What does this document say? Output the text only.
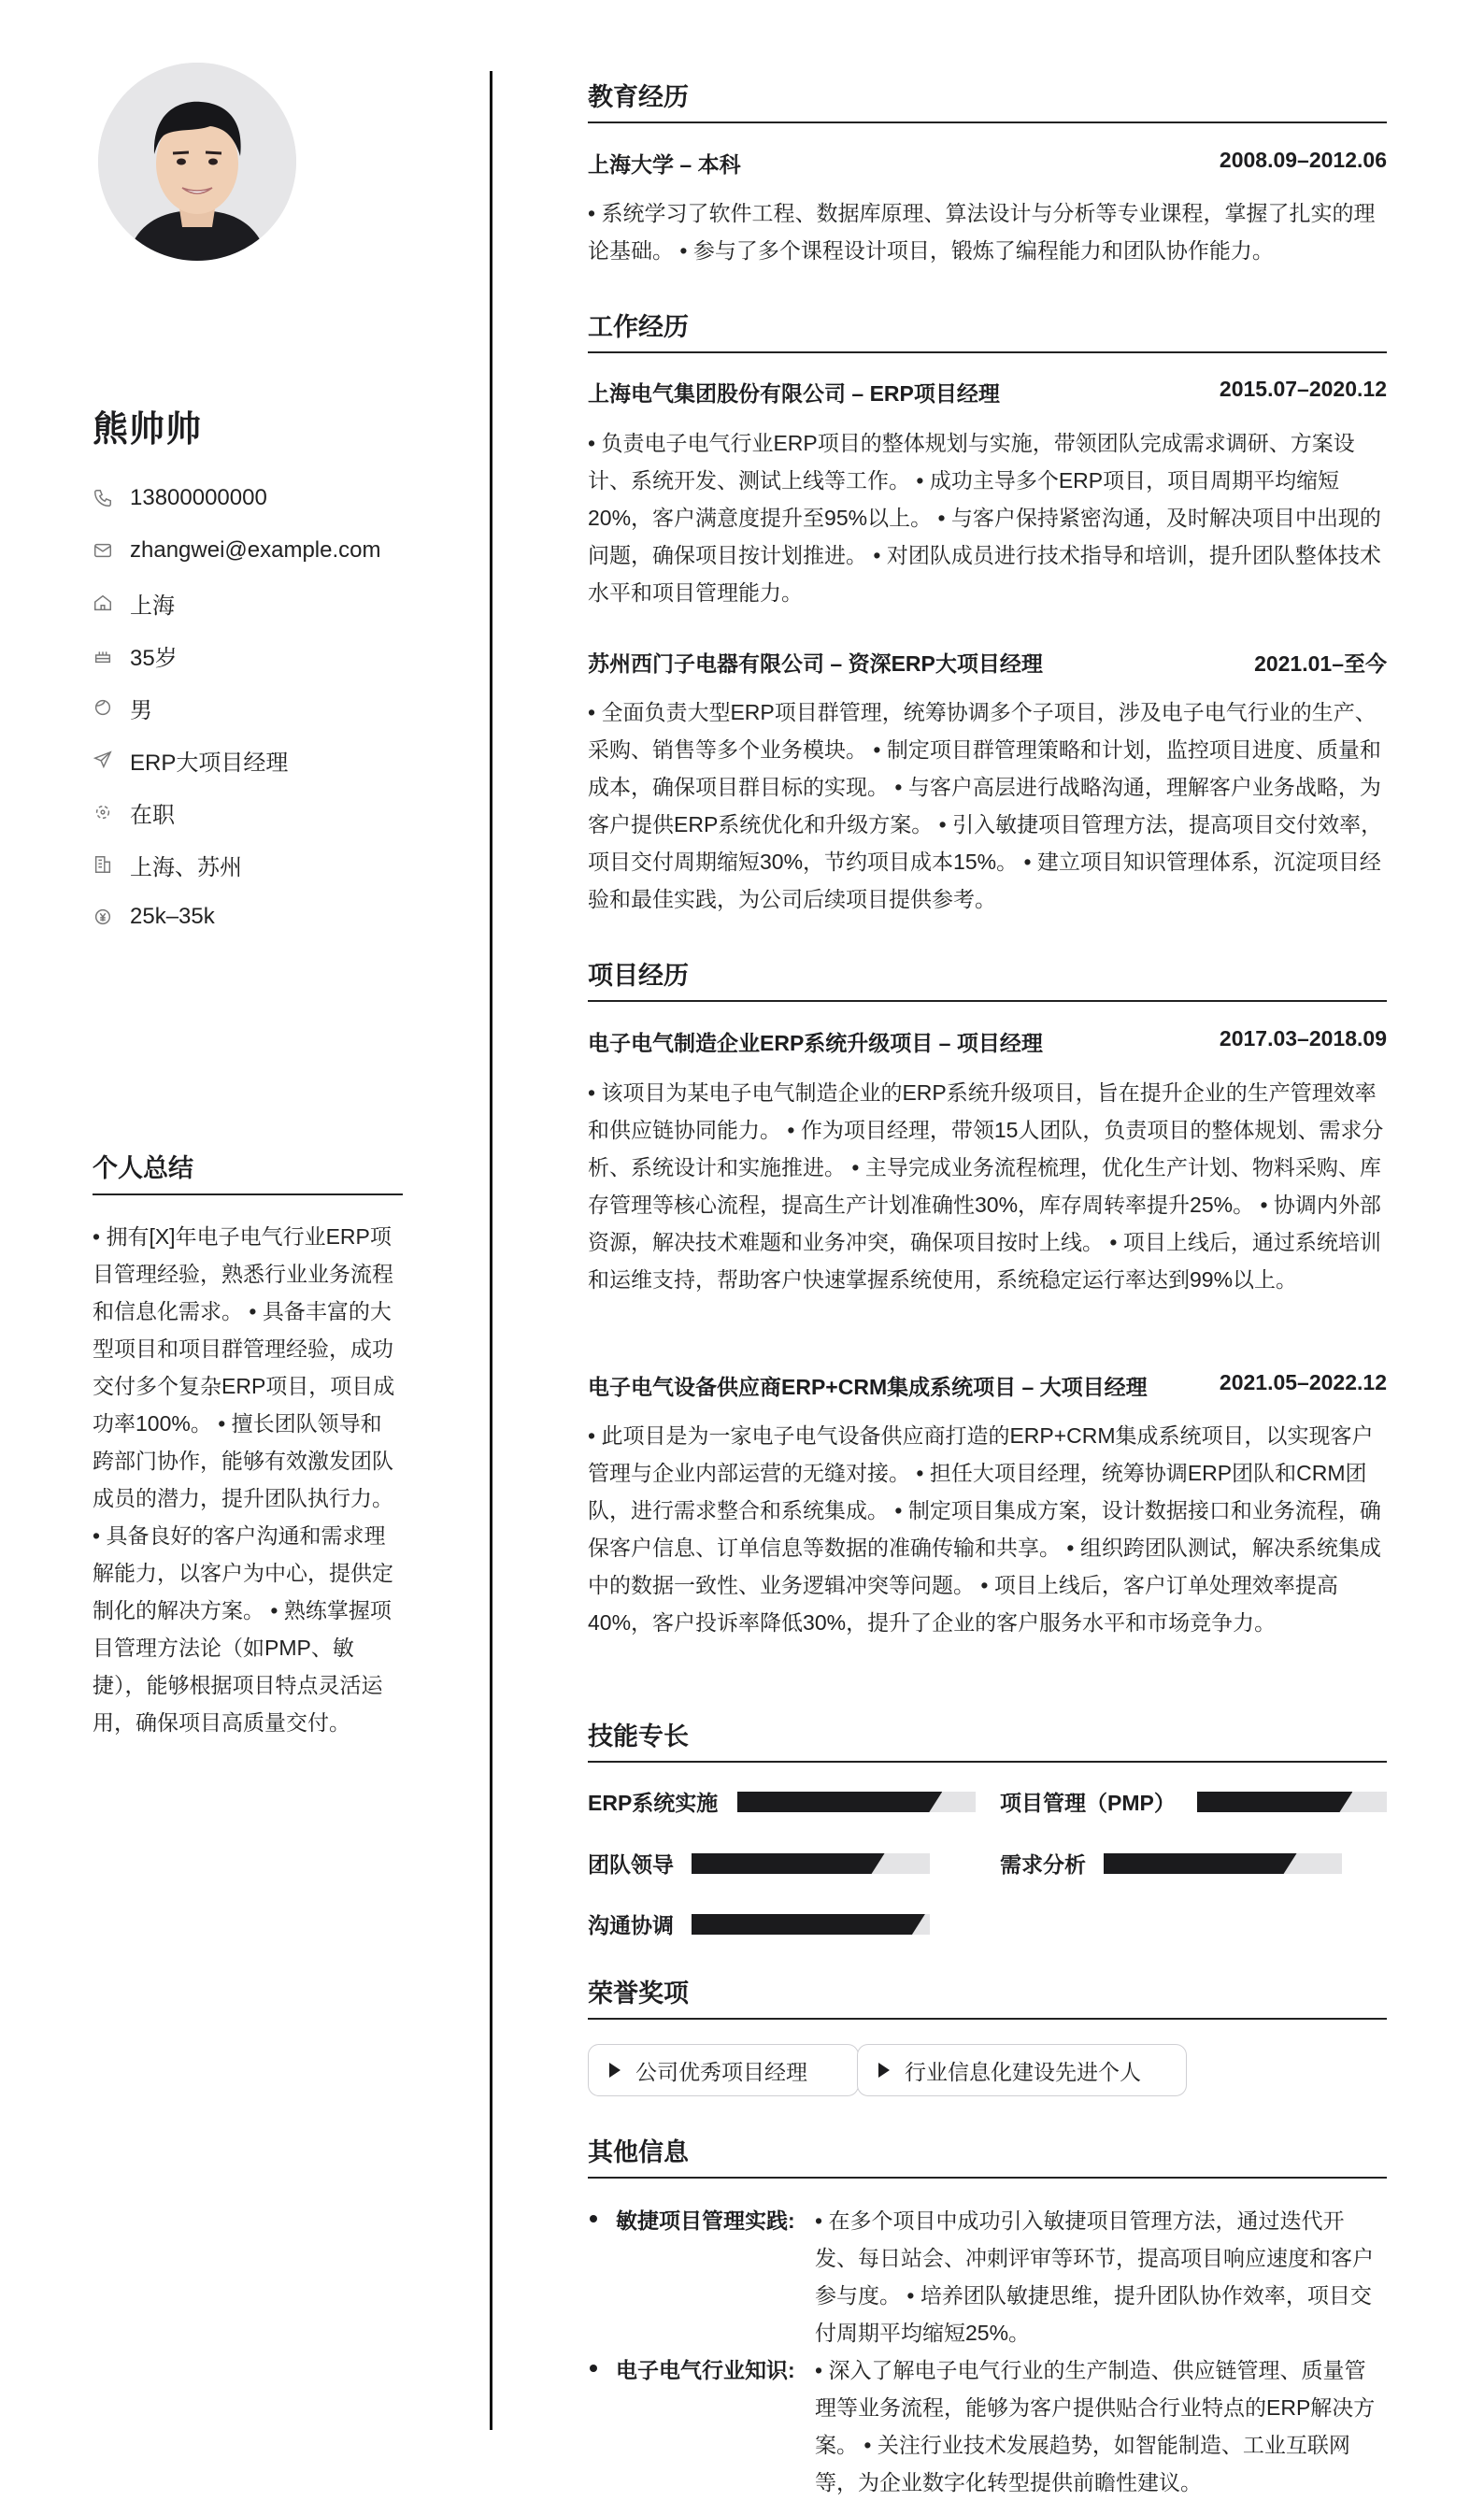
熊帅帅
13800000000
zhangwei@example.com
上海
35岁
男
ERP大项目经理
在职
上海、苏州
25k–35k
个人总结

• 拥有[X]年电子电气行业ERP项目管理经验，熟悉行业业务流程和信息化需求。 • 具备丰富的大型项目和项目群管理经验，成功交付多个复杂ERP项目，项目成功率100%。 • 擅长团队领导和跨部门协作，能够有效激发团队成员的潜力，提升团队执行力。 • 具备良好的客户沟通和需求理解能力，以客户为中心，提供定制化的解决方案。 • 熟练掌握项目管理方法论（如PMP、敏捷），能够根据项目特点灵活运用，确保项目高质量交付。

教育经历
上海大学 – 本科	2008.09–2012.06

• 系统学习了软件工程、数据库原理、算法设计与分析等专业课程，掌握了扎实的理论基础。 • 参与了多个课程设计项目，锻炼了编程能力和团队协作能力。

工作经历
上海电气集团股份有限公司 – ERP项目经理	2015.07–2020.12

• 负责电子电气行业ERP项目的整体规划与实施，带领团队完成需求调研、方案设计、系统开发、测试上线等工作。 • 成功主导多个ERP项目，项目周期平均缩短20%，客户满意度提升至95%以上。 • 与客户保持紧密沟通，及时解决项目中出现的问题，确保项目按计划推进。 • 对团队成员进行技术指导和培训，提升团队整体技术水平和项目管理能力。

苏州西门子电器有限公司 – 资深ERP大项目经理	2021.01–至今

• 全面负责大型ERP项目群管理，统筹协调多个子项目，涉及电子电气行业的生产、采购、销售等多个业务模块。 • 制定项目群管理策略和计划，监控项目进度、质量和成本，确保项目群目标的实现。 • 与客户高层进行战略沟通，理解客户业务战略，为客户提供ERP系统优化和升级方案。 • 引入敏捷项目管理方法，提高项目交付效率，项目交付周期缩短30%，节约项目成本15%。 • 建立项目知识管理体系，沉淀项目经验和最佳实践，为公司后续项目提供参考。

项目经历
电子电气制造企业ERP系统升级项目 – 项目经理	2017.03–2018.09

• 该项目为某电子电气制造企业的ERP系统升级项目，旨在提升企业的生产管理效率和供应链协同能力。 • 作为项目经理，带领15人团队，负责项目的整体规划、需求分析、系统设计和实施推进。 • 主导完成业务流程梳理，优化生产计划、物料采购、库存管理等核心流程，提高生产计划准确性30%，库存周转率提升25%。 • 协调内外部资源，解决技术难题和业务冲突，确保项目按时上线。 • 项目上线后，通过系统培训和运维支持，帮助客户快速掌握系统使用，系统稳定运行率达到99%以上。

电子电气设备供应商ERP+CRM集成系统项目 – 大项目经理	2021.05–2022.12

• 此项目是为一家电子电气设备供应商打造的ERP+CRM集成系统项目，以实现客户管理与企业内部运营的无缝对接。 • 担任大项目经理，统筹协调ERP团队和CRM团队，进行需求整合和系统集成。 • 制定项目集成方案，设计数据接口和业务流程，确保客户信息、订单信息等数据的准确传输和共享。 • 组织跨团队测试，解决系统集成中的数据一致性、业务逻辑冲突等问题。 • 项目上线后，客户订单处理效率提高40%，客户投诉率降低30%，提升了企业的客户服务水平和市场竞争力。

技能专长
ERP系统实施	项目管理（PMP）
团队领导	需求分析
沟通协调
荣誉奖项
公司优秀项目经理	行业信息化建设先进个人
其他信息
敏捷项目管理实践: • 在多个项目中成功引入敏捷项目管理方法，通过迭代开发、每日站会、冲刺评审等环节，提高项目响应速度和客户参与度。 • 培养团队敏捷思维，提升团队协作效率，项目交付周期平均缩短25%。

电子电气行业知识: • 深入了解电子电气行业的生产制造、供应链管理、质量管理等业务流程，能够为客户提供贴合行业特点的ERP解决方案。 • 关注行业技术发展趋势，如智能制造、工业互联网等，为企业数字化转型提供前瞻性建议。
